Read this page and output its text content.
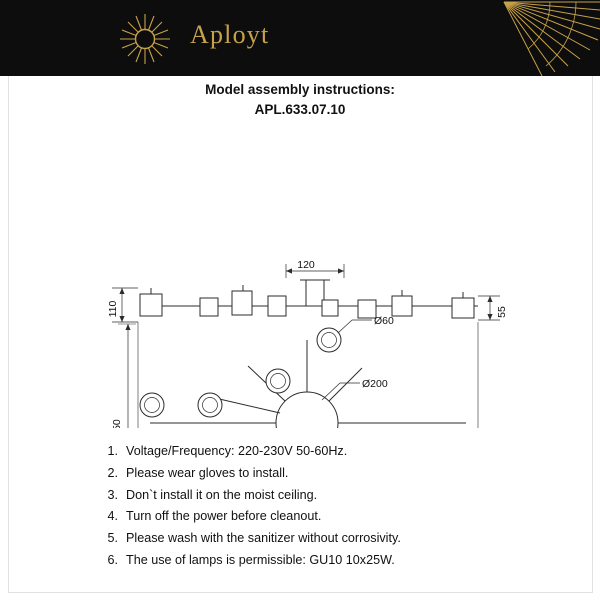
Aployt

Model assembly instructions:

APL.633.07.10

120
110	55
Ø60
Ø200
650
1. Voltage/Frequency: 220-230V 50-60Hz.
2. Please wear gloves to install.
3. Don`t install it on the moist ceiling.
4. Turn off the power before cleanout.
5. Please wash with the sanitizer without corrosivity.
6. The use of lamps is permissible: GU10 10x25W.
